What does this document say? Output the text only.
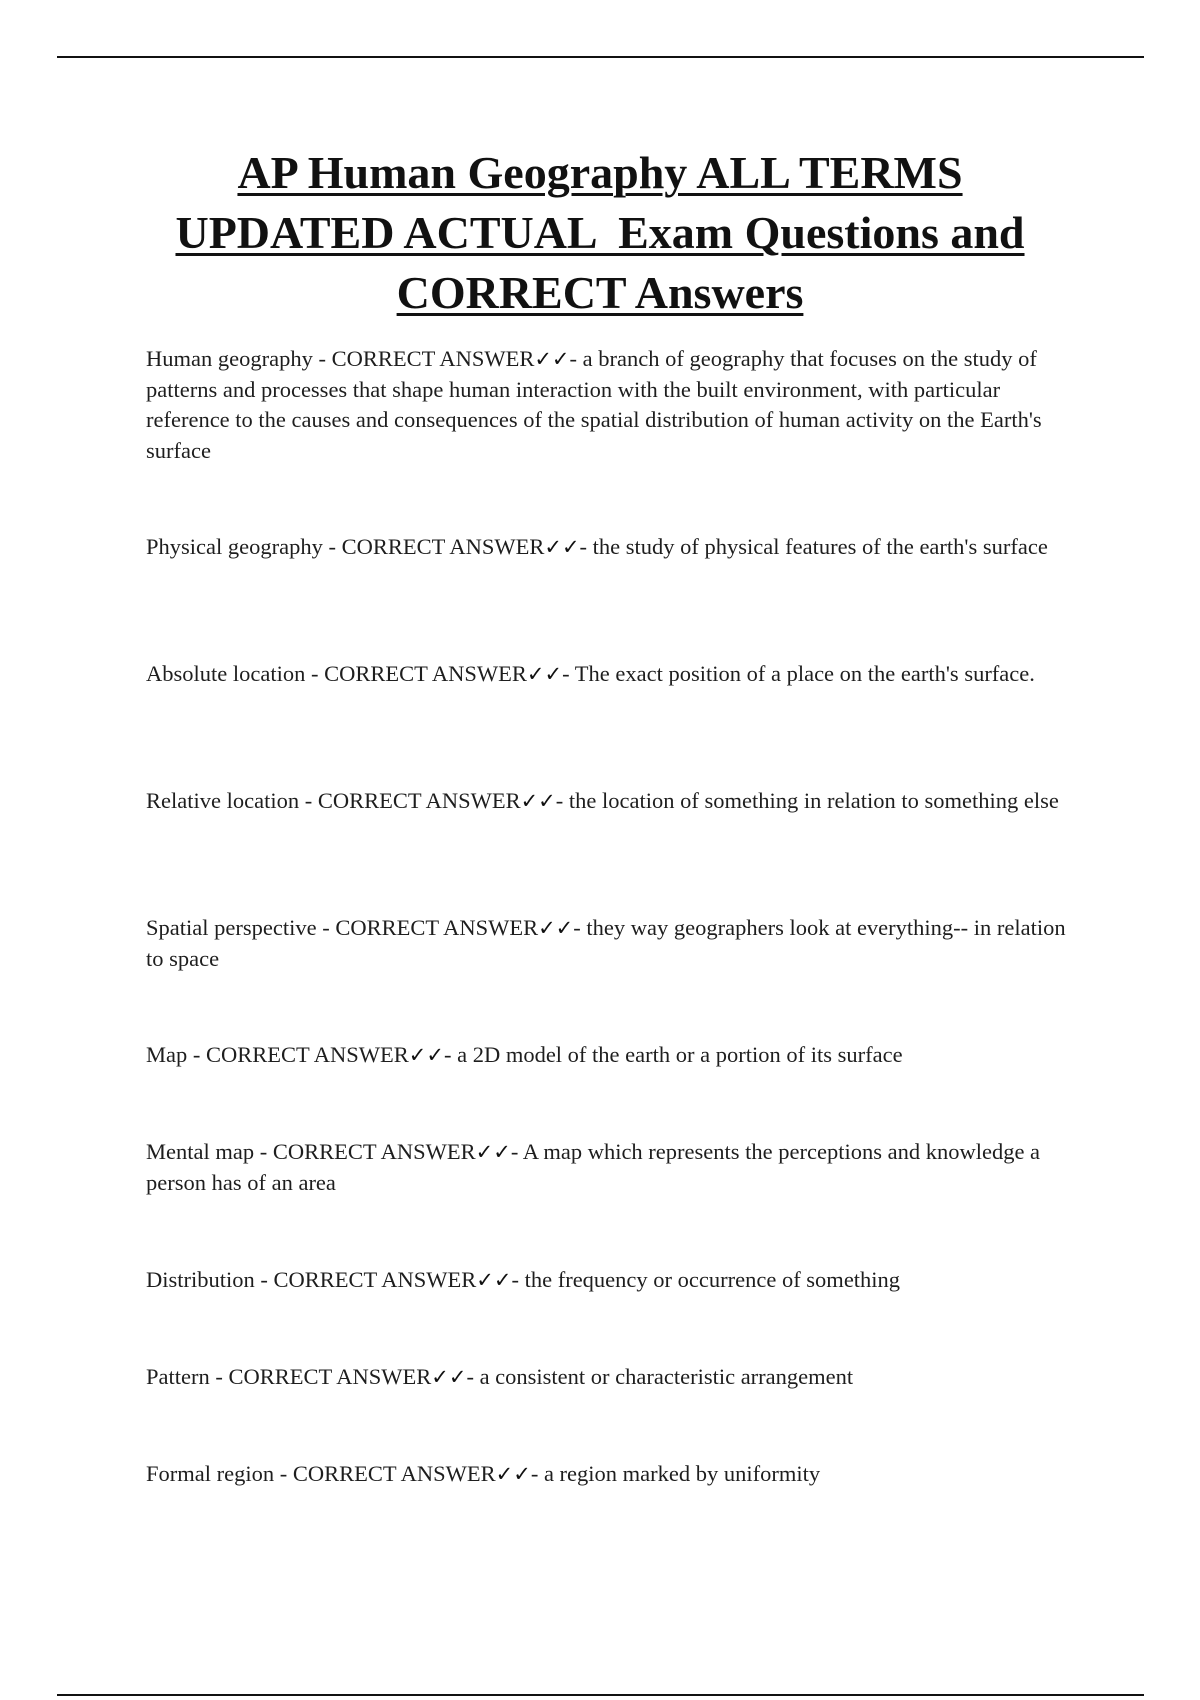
AP Human Geography ALL TERMS
UPDATED ACTUAL  Exam Questions and
CORRECT Answers

Human geography - CORRECT ANSWER✓✓- a branch of geography that focuses on the study of patterns and processes that shape human interaction with the built environment, with particular reference to the causes and consequences of the spatial distribution of human activity on the Earth's surface

Physical geography - CORRECT ANSWER✓✓- the study of physical features of the earth's surface

Absolute location - CORRECT ANSWER✓✓- The exact position of a place on the earth's surface.

Relative location - CORRECT ANSWER✓✓- the location of something in relation to something else

Spatial perspective - CORRECT ANSWER✓✓- they way geographers look at everything-- in relation to space

Map - CORRECT ANSWER✓✓- a 2D model of the earth or a portion of its surface

Mental map - CORRECT ANSWER✓✓- A map which represents the perceptions and knowledge a person has of an area

Distribution - CORRECT ANSWER✓✓- the frequency or occurrence of something

Pattern - CORRECT ANSWER✓✓- a consistent or characteristic arrangement

Formal region - CORRECT ANSWER✓✓- a region marked by uniformity
